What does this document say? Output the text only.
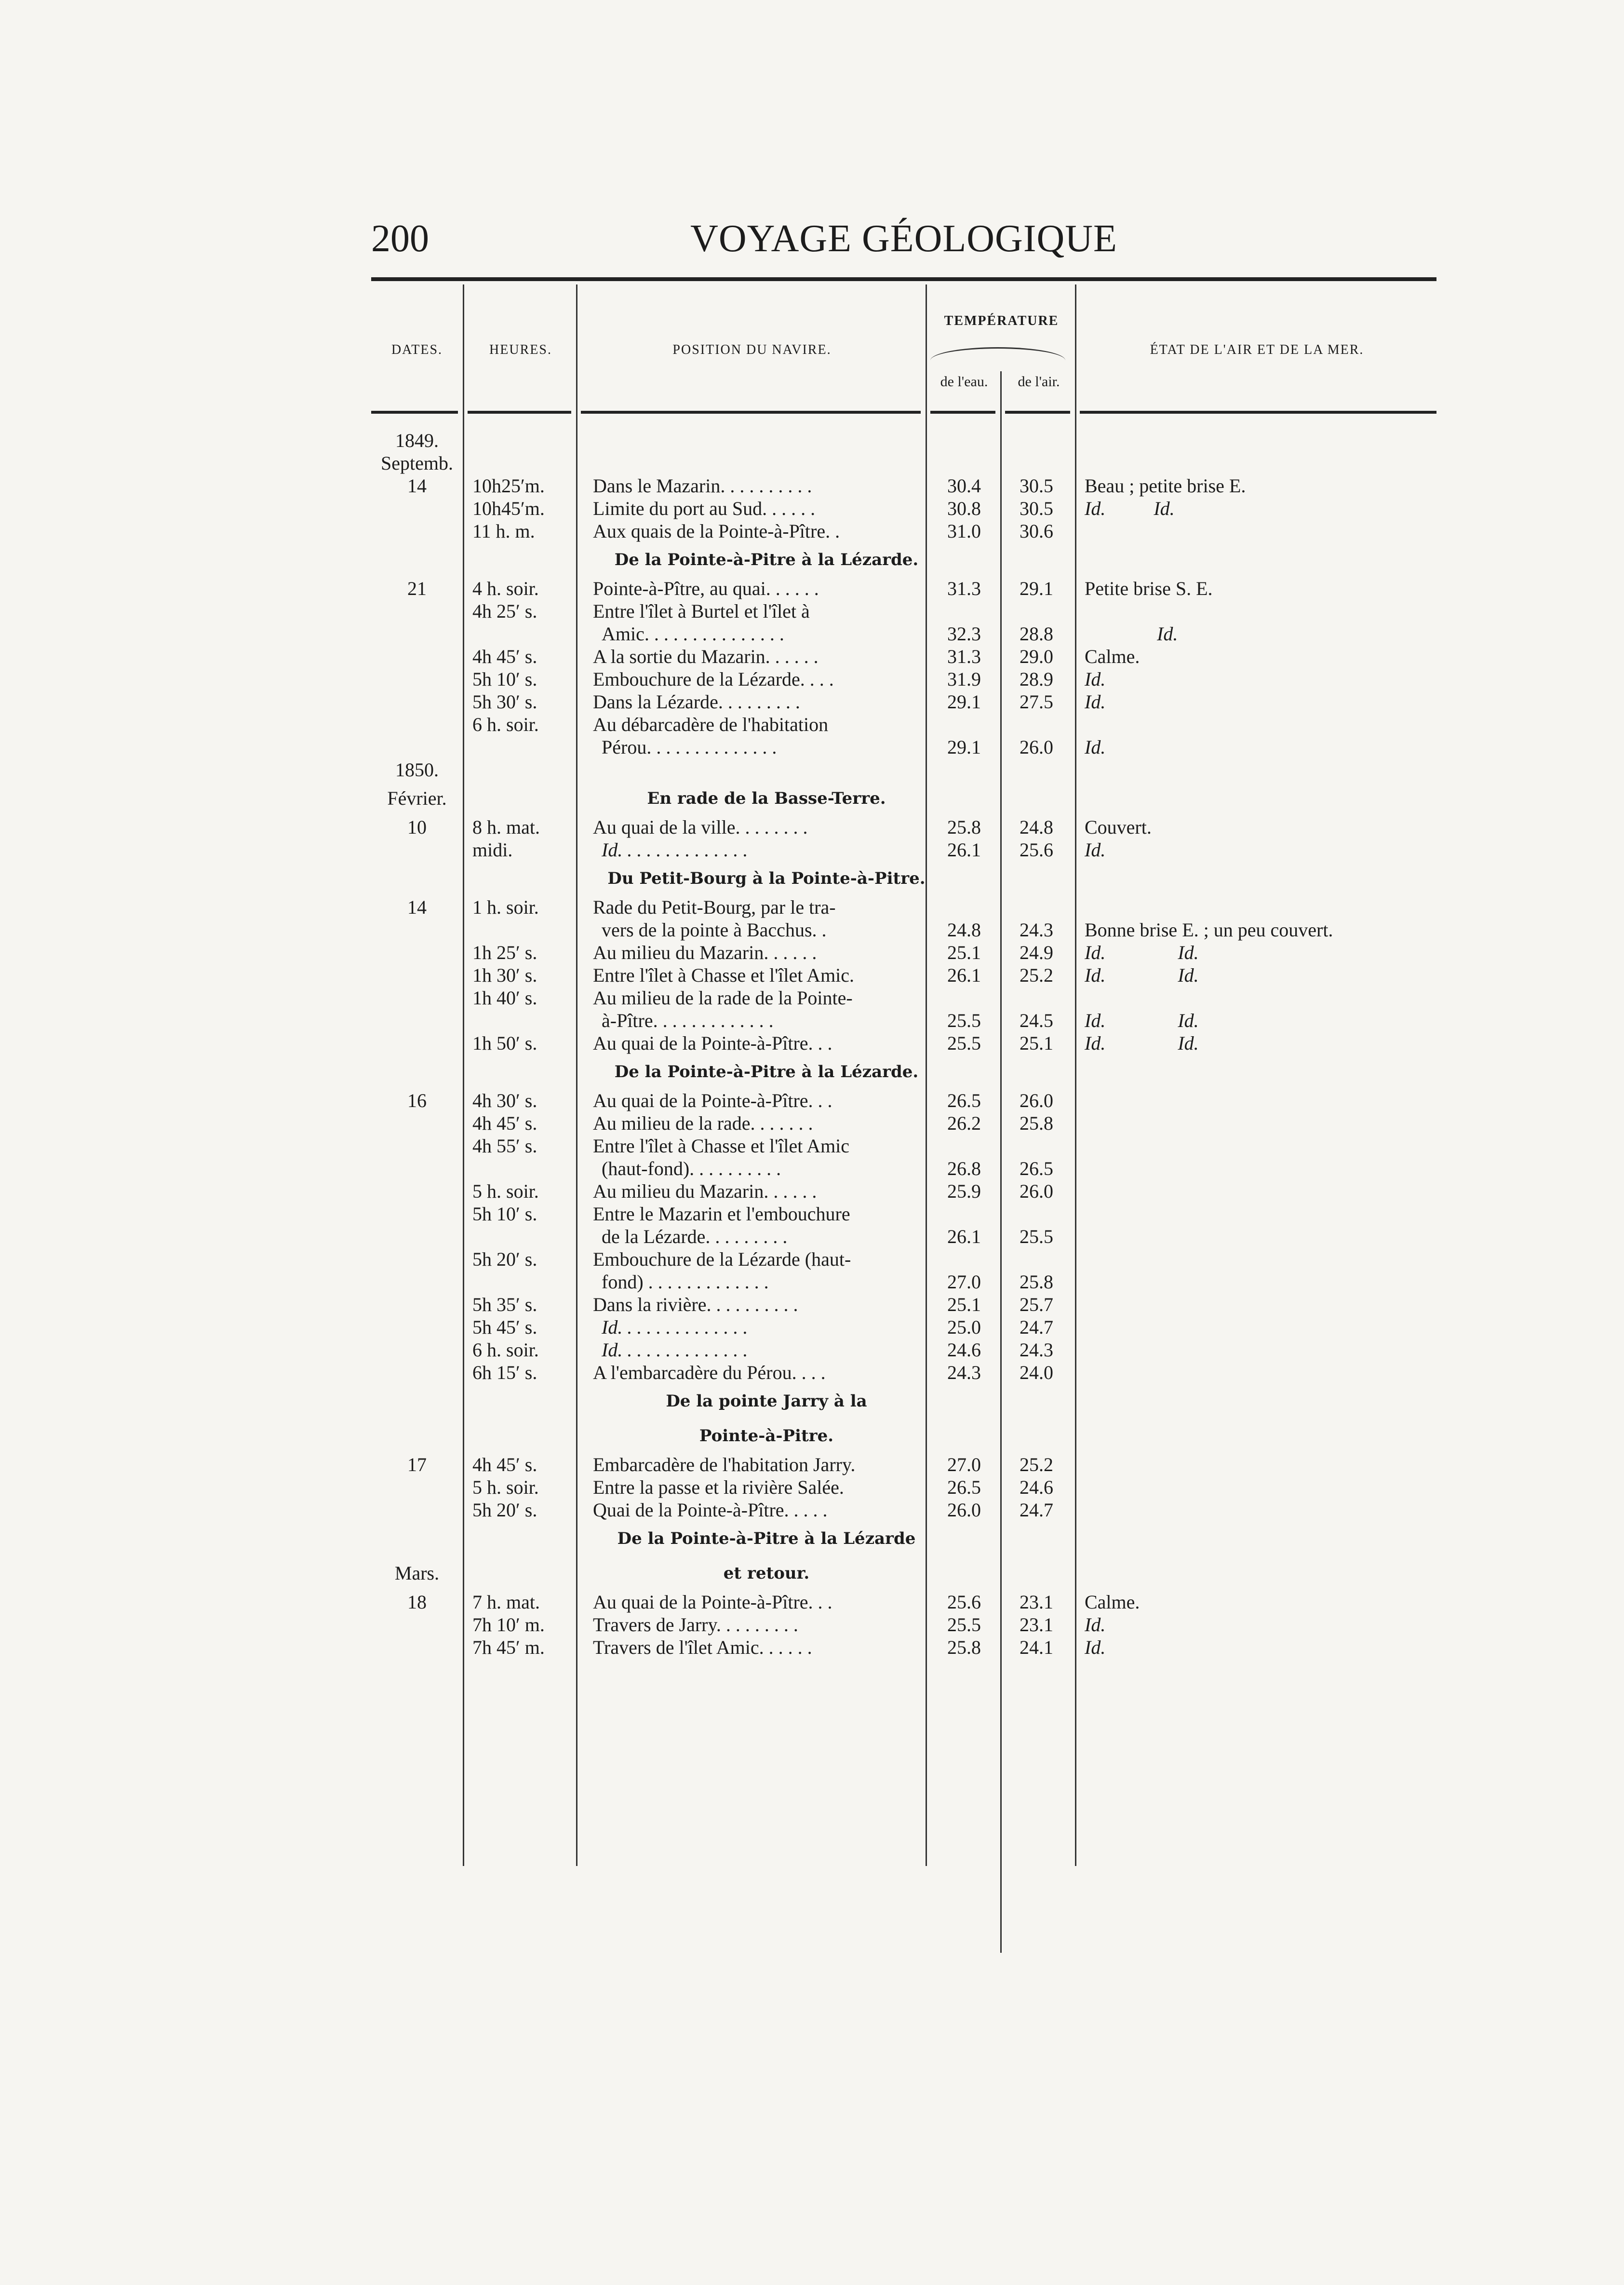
200	VOYAGE GÉOLOGIQUE
DATES.	HEURES.	POSITION DU NAVIRE.
TEMPÉRATURE
de l'eau.	de l'air.
ÉTAT DE L'AIR ET DE LA MER.
1849.
Septemb.
14	10h25′m.	Dans le Mazarin. . . . . . . . . .	30.4	30.5	Beau ; petite brise E.
10h45′m.	Limite du port au Sud. . . . . .	30.8	30.5	Id.          Id.
11 h. m.	Aux quais de la Pointe-à-Pître. .	31.0	30.6
De la Pointe-à-Pitre à la Lézarde.
21	4 h. soir.	Pointe-à-Pître, au quai. . . . . .	31.3	29.1	Petite brise S. E.
4h 25′ s.	Entre l'îlet à Burtel et l'îlet à
Amic. . . . . . . . . . . . . . .	32.3	28.8	Id.
4h 45′ s.	A la sortie du Mazarin. . . . . .	31.3	29.0	Calme.
5h 10′ s.	Embouchure de la Lézarde. . . .	31.9	28.9	Id.
5h 30′ s.	Dans la Lézarde. . . . . . . . .	29.1	27.5	Id.
6 h. soir.	Au débarcadère de l'habitation
Pérou. . . . . . . . . . . . . .	29.1	26.0	Id.
1850.
Février.	En rade de la Basse-Terre.
10	8 h. mat.	Au quai de la ville. . . . . . . .	25.8	24.8	Couvert.
midi.	Id. . . . . . . . . . . . . .	26.1	25.6	Id.
Du Petit-Bourg à la Pointe-à-Pitre.
14	1 h. soir.	Rade du Petit-Bourg, par le tra-
vers de la pointe à Bacchus. .	24.8	24.3	Bonne brise E. ; un peu couvert.
1h 25′ s.	Au milieu du Mazarin. . . . . .	25.1	24.9	Id.               Id.
1h 30′ s.	Entre l'îlet à Chasse et l'îlet Amic.	26.1	25.2	Id.               Id.
1h 40′ s.	Au milieu de la rade de la Pointe-
à-Pître. . . . . . . . . . . . .	25.5	24.5	Id.               Id.
1h 50′ s.	Au quai de la Pointe-à-Pître. . .	25.5	25.1	Id.               Id.
De la Pointe-à-Pitre à la Lézarde.
16	4h 30′ s.	Au quai de la Pointe-à-Pître. . .	26.5	26.0
4h 45′ s.	Au milieu de la rade. . . . . . .	26.2	25.8
4h 55′ s.	Entre l'îlet à Chasse et l'îlet Amic
(haut-fond). . . . . . . . . .	26.8	26.5
5 h. soir.	Au milieu du Mazarin. . . . . .	25.9	26.0
5h 10′ s.	Entre le Mazarin et l'embouchure
de la Lézarde. . . . . . . . .	26.1	25.5
5h 20′ s.	Embouchure de la Lézarde (haut-
fond) . . . . . . . . . . . . .	27.0	25.8
5h 35′ s.	Dans la rivière. . . . . . . . . .	25.1	25.7
5h 45′ s.	Id. . . . . . . . . . . . . .	25.0	24.7
6 h. soir.	Id. . . . . . . . . . . . . .	24.6	24.3
6h 15′ s.	A l'embarcadère du Pérou. . . .	24.3	24.0
De la pointe Jarry à la
Pointe-à-Pitre.
17	4h 45′ s.	Embarcadère de l'habitation Jarry.	27.0	25.2
5 h. soir.	Entre la passe et la rivière Salée.	26.5	24.6
5h 20′ s.	Quai de la Pointe-à-Pître. . . . .	26.0	24.7
De la Pointe-à-Pitre à la Lézarde
Mars.	et retour.
18	7 h. mat.	Au quai de la Pointe-à-Pître. . .	25.6	23.1	Calme.
7h 10′ m.	Travers de Jarry. . . . . . . . .	25.5	23.1	Id.
7h 45′ m.	Travers de l'îlet Amic. . . . . .	25.8	24.1	Id.
